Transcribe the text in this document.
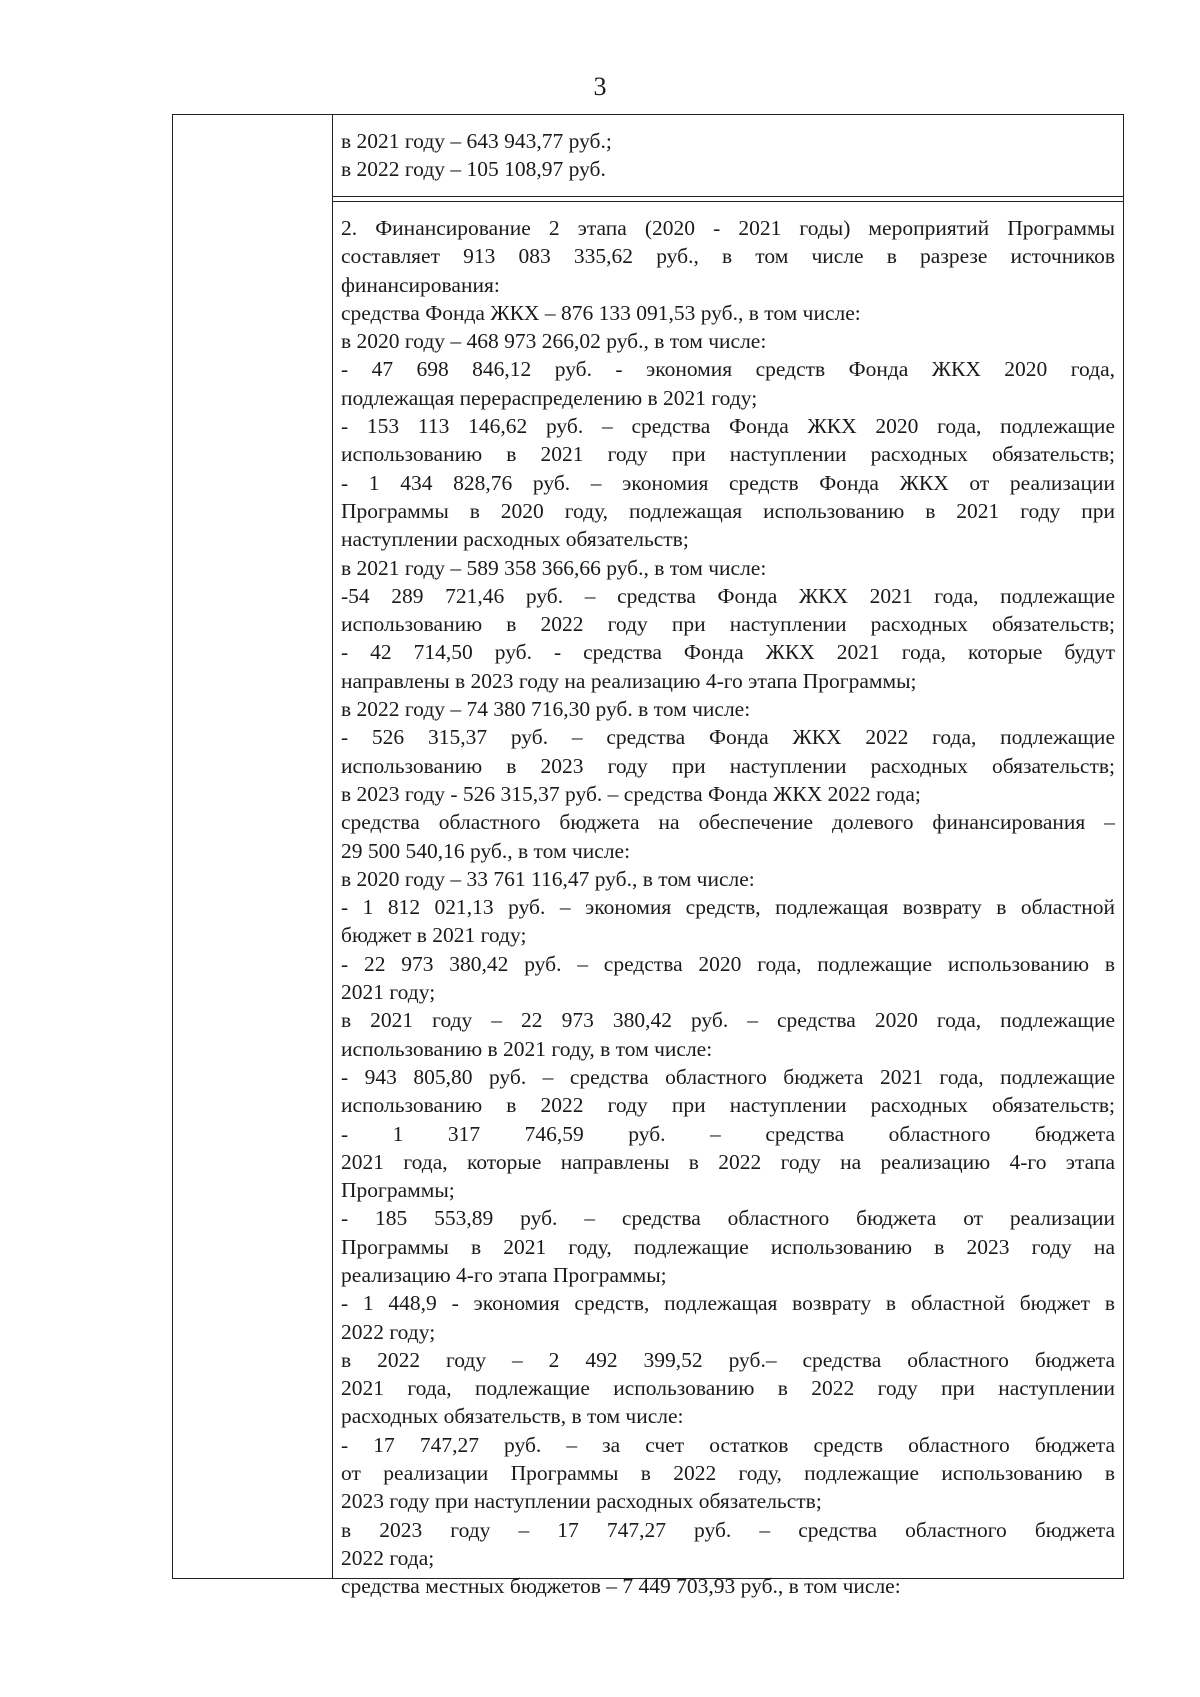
3
в 2021 году – 643 943,77 руб.;
в 2022 году – 105 108,97 руб.
2. Финансирование 2 этапа (2020 - 2021 годы) мероприятий Программы
составляет 913 083 335,62 руб., в том числе в разрезе источников
финансирования:
средства Фонда ЖКХ – 876 133 091,53 руб., в том числе:
в 2020 году – 468 973 266,02 руб., в том числе:
- 47 698 846,12 руб. - экономия средств Фонда ЖКХ 2020 года,
подлежащая перераспределению в 2021 году;
- 153 113 146,62 руб. – средства Фонда ЖКХ 2020 года, подлежащие
использованию в 2021 году при наступлении расходных обязательств;
- 1 434 828,76 руб. – экономия средств Фонда ЖКХ от реализации
Программы в 2020 году, подлежащая использованию в 2021 году при
наступлении расходных обязательств;
в 2021 году – 589 358 366,66 руб., в том числе:
-54 289 721,46 руб. – средства Фонда ЖКХ 2021 года, подлежащие
использованию в 2022 году при наступлении расходных обязательств;
- 42 714,50 руб. - средства Фонда ЖКХ 2021 года, которые будут
направлены в 2023 году на реализацию 4-го этапа Программы;
в 2022 году – 74 380 716,30 руб. в том числе:
- 526 315,37 руб. – средства Фонда ЖКХ 2022 года, подлежащие
использованию в 2023 году при наступлении расходных обязательств;
в 2023 году - 526 315,37 руб. – средства Фонда ЖКХ 2022 года;
средства областного бюджета на обеспечение долевого финансирования –
29 500 540,16 руб., в том числе:
в 2020 году – 33 761 116,47 руб., в том числе:
- 1 812 021,13 руб. – экономия средств, подлежащая возврату в областной
бюджет в 2021 году;
- 22 973 380,42 руб. – средства 2020 года, подлежащие использованию в
2021 году;
в 2021 году – 22 973 380,42 руб. – средства 2020 года, подлежащие
использованию в 2021 году, в том числе:
- 943 805,80 руб. – средства областного бюджета 2021 года, подлежащие
использованию в 2022 году при наступлении расходных обязательств;
- 1 317 746,59 руб. – средства областного бюджета
2021 года, которые направлены в 2022 году на реализацию 4-го этапа
Программы;
- 185 553,89 руб. – средства областного бюджета от реализации
Программы в 2021 году, подлежащие использованию в 2023 году на
реализацию 4-го этапа Программы;
- 1 448,9 - экономия средств, подлежащая возврату в областной бюджет в
2022 году;
в 2022 году – 2 492 399,52 руб.– средства областного бюджета
2021 года, подлежащие использованию в 2022 году при наступлении
расходных обязательств, в том числе:
- 17 747,27 руб. – за счет остатков средств областного бюджета
от реализации Программы в 2022 году, подлежащие использованию в
2023 году при наступлении расходных обязательств;
в 2023 году – 17 747,27 руб. – средства областного бюджета
2022 года;
средства местных бюджетов – 7 449 703,93 руб., в том числе:
